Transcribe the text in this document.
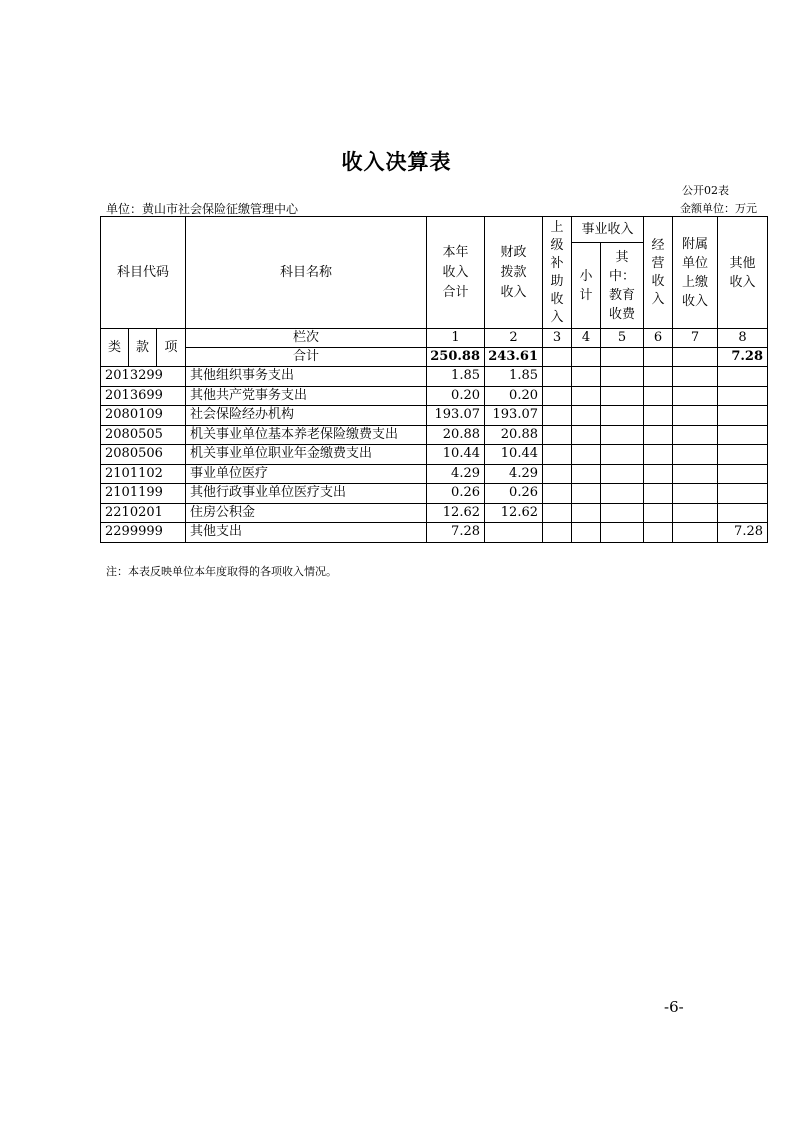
收入决算表
公开02表
单位：黄山市社会保险征缴管理中心	金额单位：万元
科目代码			科目名称	本年收入合计	财政拨款收入	上级补助收入	事业收入		经营收入	附属单位上缴收入	其他收入

							小计	其中：教育收费			

类	款	项	栏次	1	2	3	4	5	6	7	8
			合计	250.88	243.61						7.28
2013299			其他组织事务支出	1.85	1.85						
2013699			其他共产党事务支出	0.20	0.20						
2080109			社会保险经办机构	193.07	193.07						
2080505			机关事业单位基本养老保险缴费支出	20.88	20.88						
2080506			机关事业单位职业年金缴费支出	10.44	10.44						
2101102			事业单位医疗	4.29	4.29						
2101199			其他行政事业单位医疗支出	0.26	0.26						
2210201			住房公积金	12.62	12.62						
2299999			其他支出	7.28							7.28
注：本表反映单位本年度取得的各项收入情况。
-6-
